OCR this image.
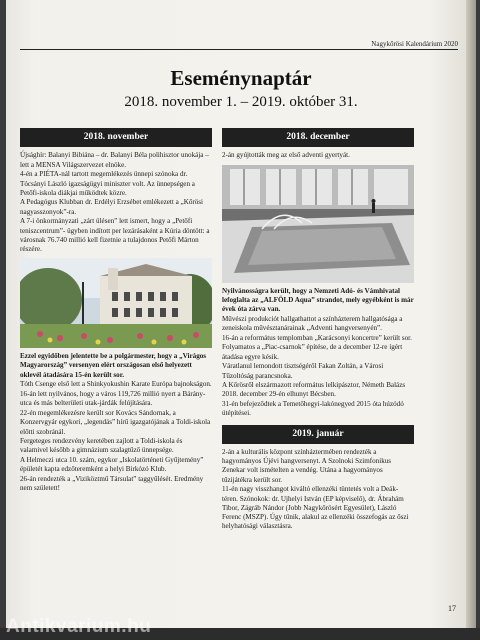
Nagykőrösi Kalendárium 2020
Eseménynaptár
2018. november 1. – 2019. október 31.
2018. november

Újsághír: Balanyi Bibiána – dr. Balanyi Béla polihisztor unokája – lett a MENSA Világszervezet elnöke.

4-én a PIÉTA-nál tartott megemlékezés ünnepi szónoka dr. Tócsányi László igazságügyi miniszter volt. Az ünnepségen a Petőfi-iskola diákjai működtek közre.

A Pedagógus Klubban dr. Erdélyi Erzsébet emlékezett a „Kőrösi nagyasszonyok”-ra.

A 7-i önkormányzati „zárt ülésen” lett ismert, hogy a „Petőfi teniszcentrum”- ügyben indított per lezárásaként a Kúria döntött: a városnak 76.740 millió kell fizetnie a tulajdonos Petőfi Márton részére.

Ezzel egyidőben jelentette be a polgármester, hogy a „Virágos Magyarország” versenyen elért országosan első helyezett oklevél átadására 15-én került sor.

Tóth Csenge első lett a Shinkyokushin Karate Európa bajnokságon.

16-án lett nyilvános, hogy a város 119,726 millió nyert a Bárány-utca és más belterületi utak-járdák felújítására.

22-én megemlékezésre került sor Kovács Sándornak, a Konzervgyár egykori, „legendás” hírű igazgatójának a Toldi-iskola előtti szobránál.

Fergeteges rendezvény keretében zajlott a Toldi-iskola és valamivel később a gimnázium szalagtűző ünnepsége.

A Helmeczi utca 10. szám, egykor „Iskolatörténeti Gyűjtemény” épületét kapta edzőteremként a helyi Birkózó Klub.

26-án rendezték a „Viziköztmű Társulat” taggyűlését. Eredmény nem született!

2018. december

2-án gyújtották meg az első adventi gyertyát.

Nyilvánosságra került, hogy a Nemzeti Adó- és Vámhivatal lefoglalta az „ALFÖLD Aqua” strandot, mely egyébként is már évek óta zárva van.

Művészi produkciót hallgathattot a színházterem hallgatósága a zeneiskola művésztanárainak „Adventi hangversenyén”.

16-án a református templomban „Karácsonyi koncertre” került sor.

Folyamatos a „Piac-csarnok” építése, de a december 12-re ígért átadása egyre késik.

Váratlanul lemondott tisztségéről Fakan Zoltán, a Városi Tűzoltóság parancsnoka.

A Kőrösről elszármazott református lelkipásztor, Németh Balázs 2018. december 29-én elhunyt Bécsben.

31-én befejeződtek a Temetőhegyi-lakónegyed 2015 óta húzódó útépítései.

2019. január

2-án a kulturális központ színháztermében rendezték a hagyományos Újévi hangversenyt. A Szolnoki Szimfonikus Zenekar volt ismételten a vendég. Utána a hagyományos tűzijátékra került sor.

11-én nagy visszhangot kiváltó ellenzéki tüntetés volt a Deák-téren. Szónokok: dr. Ujhelyi István (EP képviselő), dr. Ábrahám Tibor, Zágráb Nándor (Jobb Nagykőrösért Egyesület), László Ferenc (MSZP). Úgy tűnik, alakul az ellenzéki összefogás az őszi helyhatósági választásra.

17
Antikvarium.hu
